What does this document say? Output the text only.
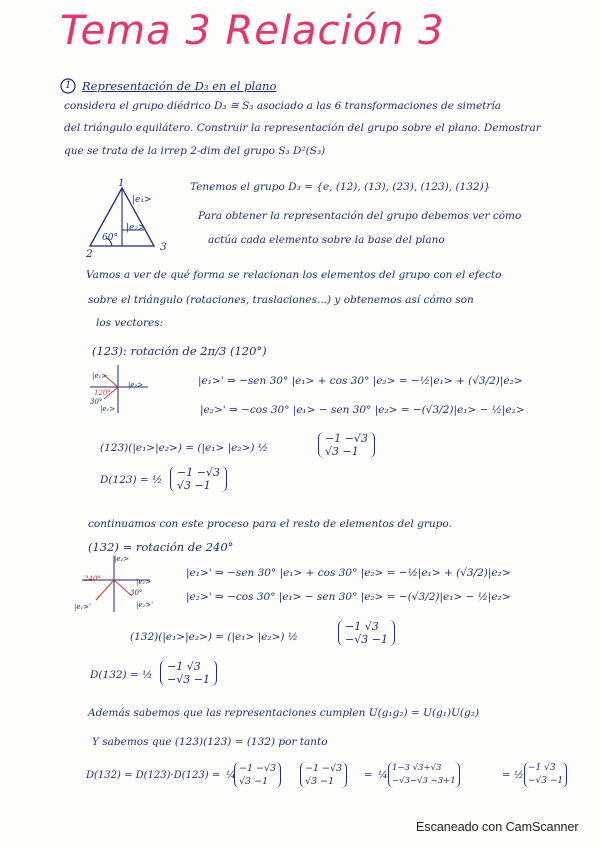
Tema 3 Relación 3
1 Representación de D₃ en el plano
considera el grupo diédrico D₃ ≅ S₃ asociado a las 6 transformaciones de simetría
del triángulo equilátero. Construir la representación del grupo sobre el plano. Demostrar
que se trata de la irrep 2-dim del grupo S₃ D²(S₃)
1
2
3
|e₁>
|e₂>
60°
Tenemos el grupo D₃ = {e, (12), (13), (23), (123), (132)}
Para obtener la representación del grupo debemos ver cómo
actúa cada elemento sobre la base del plano
Vamos a ver de qué forma se relacionan los elementos del grupo con el efecto
sobre el triángulo (rotaciones, traslaciones...) y obtenemos así cómo son
los vectores:
(123): rotación de 2π/3 (120°)
|e₁>
|e₂>
30°
|e₁>
120°
|e₁>' ⇒ −sen 30° |e₁> + cos 30° |e₂> = −½|e₁> + (√3/2)|e₂>
|e₂>' ⇒ −cos 30° |e₁> − sen 30° |e₂> = −(√3/2)|e₁> − ½|e₂>
(123)(|e₁>|e₂>) = (|e₁> |e₂>) ½
−1 −√3
√3 −1
D(123) = ½
−1 −√3
√3 −1
continuamos con este proceso para el resto de elementos del grupo.
(132) = rotación de 240°
|e₂>
|e₁>
240°
30°
|e₁>'	|e₂>'
|e₁>' ⇒ −sen 30° |e₁> + cos 30° |e₂> = −½|e₁> + (√3/2)|e₂>
|e₂>' ⇒ −cos 30° |e₁> − sen 30° |e₂> = −(√3/2)|e₁> − ½|e₂>
(132)(|e₁>|e₂>) = (|e₁> |e₂>) ½
−1 √3
−√3 −1
D(132) = ½
−1 √3
−√3 −1
Además sabemos que las representaciones cumplen U(g₁g₂) = U(g₁)U(g₂)
Y sabemos que (123)(123) = (132) por tanto
D(132) = D(123)·D(123) = ¼
−1 −√3
√3 −1
−1 −√3
√3 −1
= ¼
1−3 √3+√3
−√3−√3 −3+1	= ½
−1 √3
−√3 −1
Escaneado con CamScanner
